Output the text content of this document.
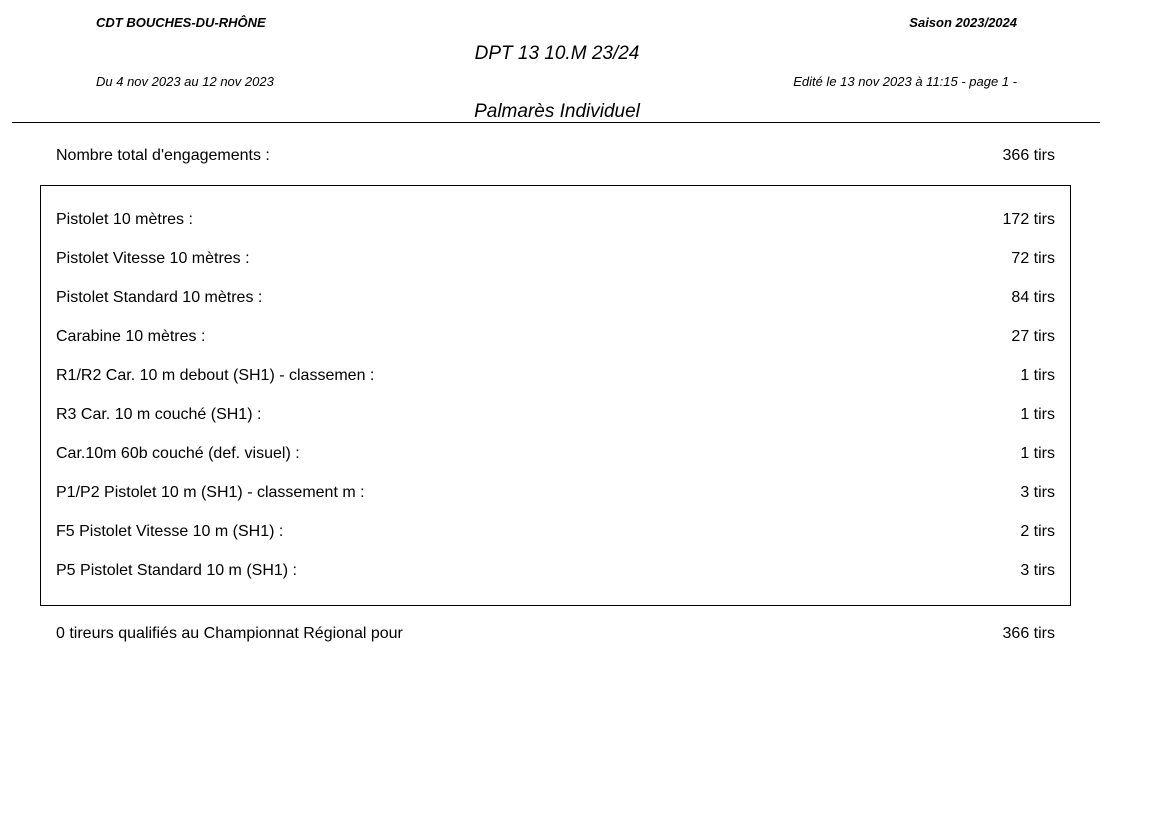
CDT BOUCHES-DU-RHÔNE	Saison 2023/2024
DPT 13 10.M 23/24
Du 4 nov 2023 au 12 nov 2023	Edité le 13 nov 2023 à 11:15 - page 1 -
Palmarès Individuel
Nombre total d'engagements :	366 tirs
Pistolet 10 mètres :	172 tirs
Pistolet Vitesse 10 mètres :	72 tirs
Pistolet Standard 10 mètres :	84 tirs
Carabine 10 mètres :	27 tirs
R1/R2 Car. 10 m debout (SH1) - classemen :	1 tirs
R3 Car. 10 m couché (SH1) :	1 tirs
Car.10m 60b couché (def. visuel) :	1 tirs
P1/P2 Pistolet 10 m (SH1) - classement m :	3 tirs
F5 Pistolet Vitesse 10 m (SH1) :	2 tirs
P5 Pistolet Standard 10 m (SH1) :	3 tirs
0 tireurs qualifiés au Championnat Régional pour	366 tirs
